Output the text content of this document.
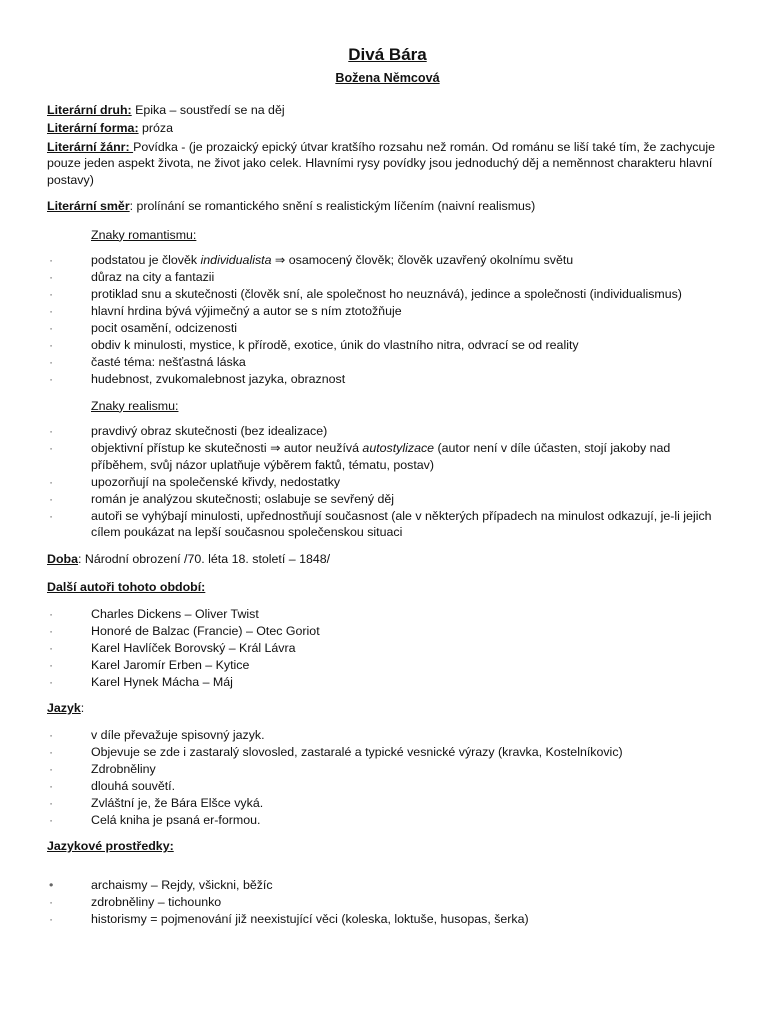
Divá Bára
Božena Němcová

Literární druh: Epika – soustředí se na děj

Literární forma: próza

Literární žánr: Povídka - (je prozaický epický útvar kratšího rozsahu než román. Od románu se liší také tím, že zachycuje pouze jeden aspekt života, ne život jako celek. Hlavními rysy povídky jsou jednoduchý děj a neměnnost charakteru hlavní postavy)

Literární směr: prolínání se romantického snění s realistickým líčením (naivní realismus)

Znaky romantismu:

·	podstatou je člověk individualista ⇒ osamocený člověk; člověk uzavřený okolnímu světu
·	důraz na city a fantazii
·	protiklad snu a skutečnosti (člověk sní, ale společnost ho neuznává), jedince a společnosti (individualismus)
·	hlavní hrdina bývá výjimečný a autor se s ním ztotožňuje
·	pocit osamění, odcizenosti
·	obdiv k minulosti, mystice, k přírodě, exotice, únik do vlastního nitra, odvrací se od reality
·	časté téma: nešťastná láska
·	hudebnost, zvukomalebnost jazyka, obraznost

Znaky realismu:

·	pravdivý obraz skutečnosti (bez idealizace)
·	objektivní přístup ke skutečnosti ⇒ autor neužívá autostylizace (autor není v díle účasten, stojí jakoby nad příběhem, svůj názor uplatňuje výběrem faktů, tématu, postav)
·	upozorňují na společenské křivdy, nedostatky
·	román je analýzou skutečnosti; oslabuje se sevřený děj
·	autoři se vyhýbají minulosti, upřednostňují současnost (ale v některých případech na minulost odkazují, je-li jejich cílem poukázat na lepší současnou společenskou situaci

Doba: Národní obrození /70. léta 18. století – 1848/

Další autoři tohoto období:

·	Charles Dickens – Oliver Twist
·	Honoré de Balzac (Francie) – Otec Goriot
·	Karel Havlíček Borovský – Král Lávra
·	Karel Jaromír Erben – Kytice
·	Karel Hynek Mácha – Máj

Jazyk:

·	v díle převažuje spisovný jazyk.
·	Objevuje se zde i zastaralý slovosled, zastaralé a typické vesnické výrazy (kravka, Kostelníkovic)
·	Zdrobněliny
·	dlouhá souvětí.
·	Zvláštní je, že Bára Elšce vyká.
·	Celá kniha je psaná er-formou.

Jazykové prostředky:

•	archaismy – Rejdy, všickni, běžíc
·	zdrobněliny – tichounko
·	historismy = pojmenování již neexistující věci (koleska, loktuše, husopas, šerka)
